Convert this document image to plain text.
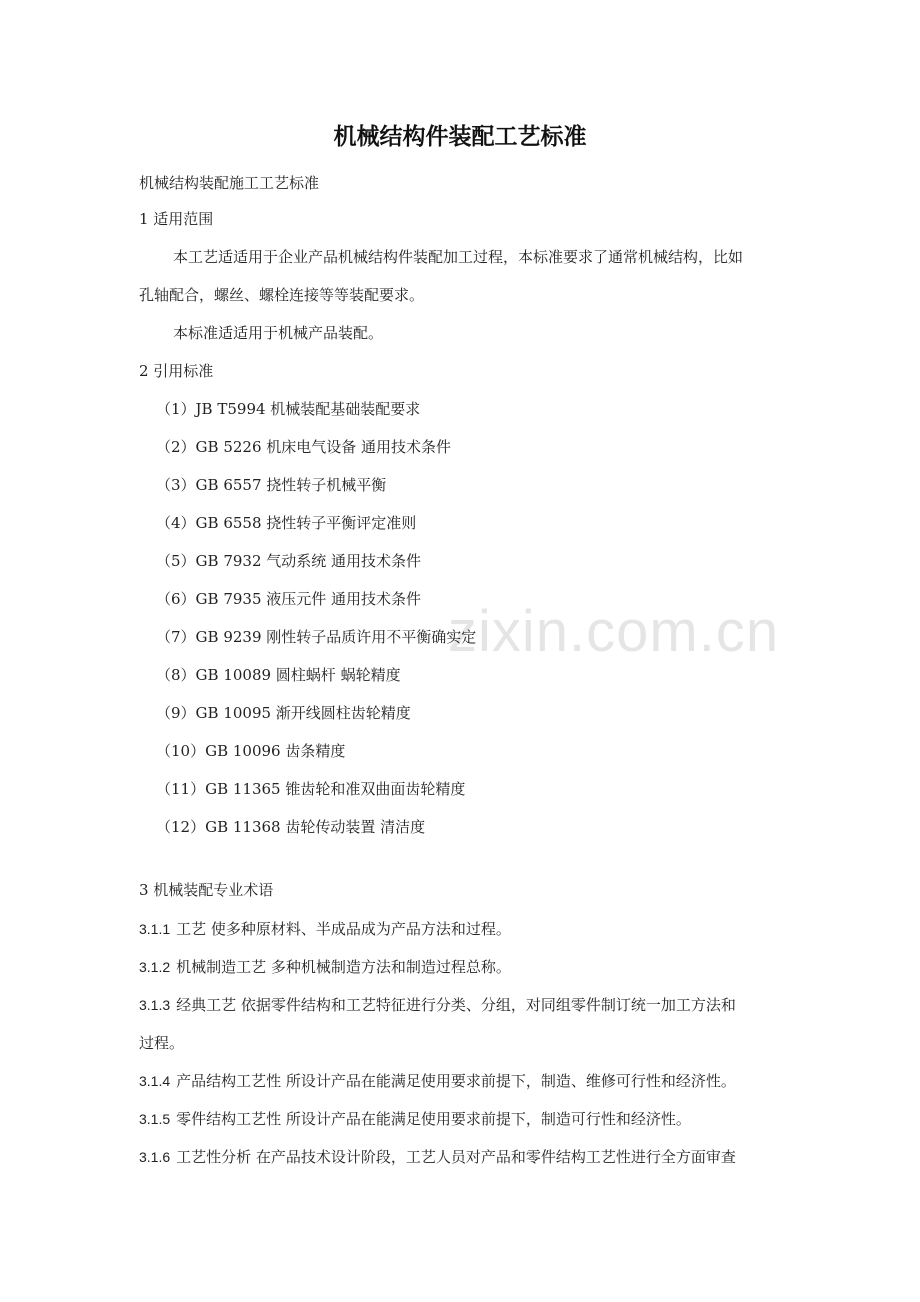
机械结构件装配工艺标准
机械结构装配施工工艺标准
1 适用范围
本工艺适适用于企业产品机械结构件装配加工过程，本标准要求了通常机械结构，比如
孔轴配合，螺丝、螺栓连接等等装配要求。
本标准适适用于机械产品装配。
2 引用标准
（1）JB T5994 机械装配基础装配要求
（2）GB 5226 机床电气设备 通用技术条件
（3）GB 6557 挠性转子机械平衡
（4）GB 6558 挠性转子平衡评定准则
（5）GB 7932 气动系统 通用技术条件
（6）GB 7935 液压元件 通用技术条件
（7）GB 9239 刚性转子品质许用不平衡确实定
（8）GB 10089 圆柱蜗杆 蜗轮精度
（9）GB 10095 渐开线圆柱齿轮精度
（10）GB 10096 齿条精度
（11）GB 11365 锥齿轮和准双曲面齿轮精度
（12）GB 11368 齿轮传动装置 清洁度
3 机械装配专业术语
3.1.1 工艺 使多种原材料、半成品成为产品方法和过程。
3.1.2 机械制造工艺 多种机械制造方法和制造过程总称。
3.1.3 经典工艺 依据零件结构和工艺特征进行分类、分组，对同组零件制订统一加工方法和
过程。
3.1.4 产品结构工艺性 所设计产品在能满足使用要求前提下，制造、维修可行性和经济性。
3.1.5 零件结构工艺性 所设计产品在能满足使用要求前提下，制造可行性和经济性。
3.1.6 工艺性分析 在产品技术设计阶段，工艺人员对产品和零件结构工艺性进行全方面审查
zixin.com.cn
